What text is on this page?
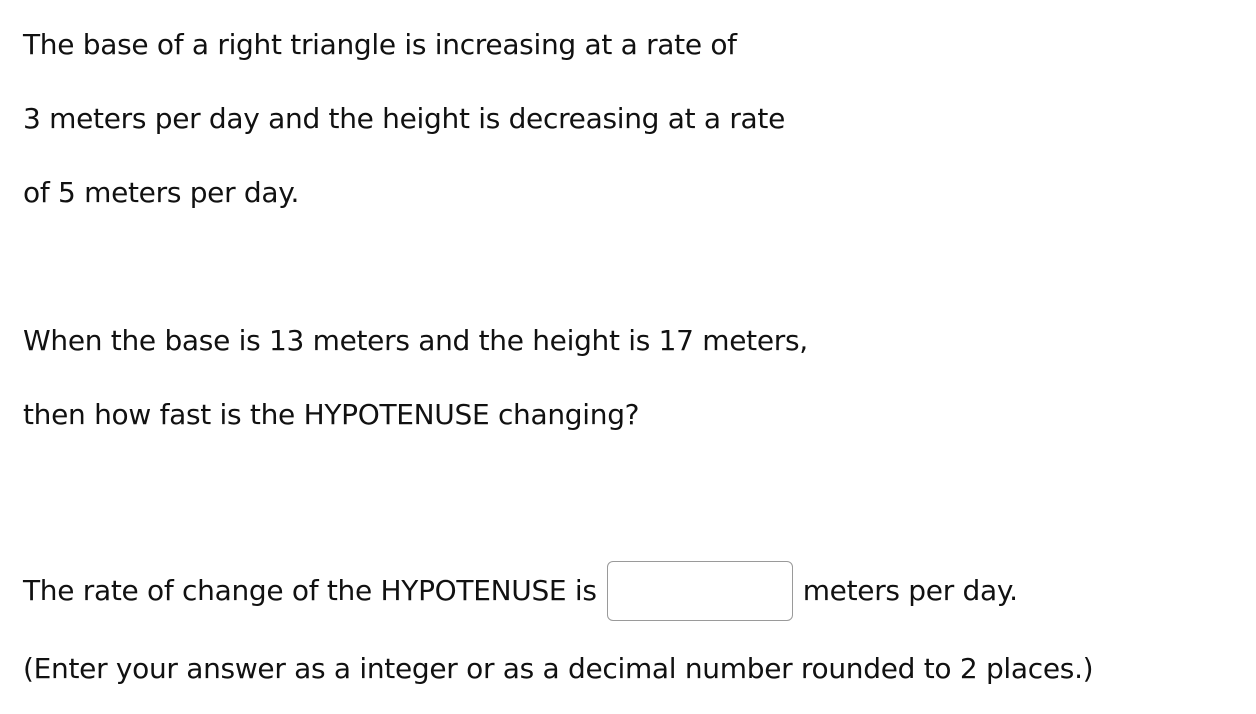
The base of a right triangle is increasing at a rate of
3 meters per day and the height is decreasing at a rate
of 5 meters per day.
When the base is 13 meters and the height is 17 meters,
then how fast is the HYPOTENUSE changing?
The rate of change of the HYPOTENUSE is	meters per day.
(Enter your answer as a integer or as a decimal number rounded to 2 places.)
